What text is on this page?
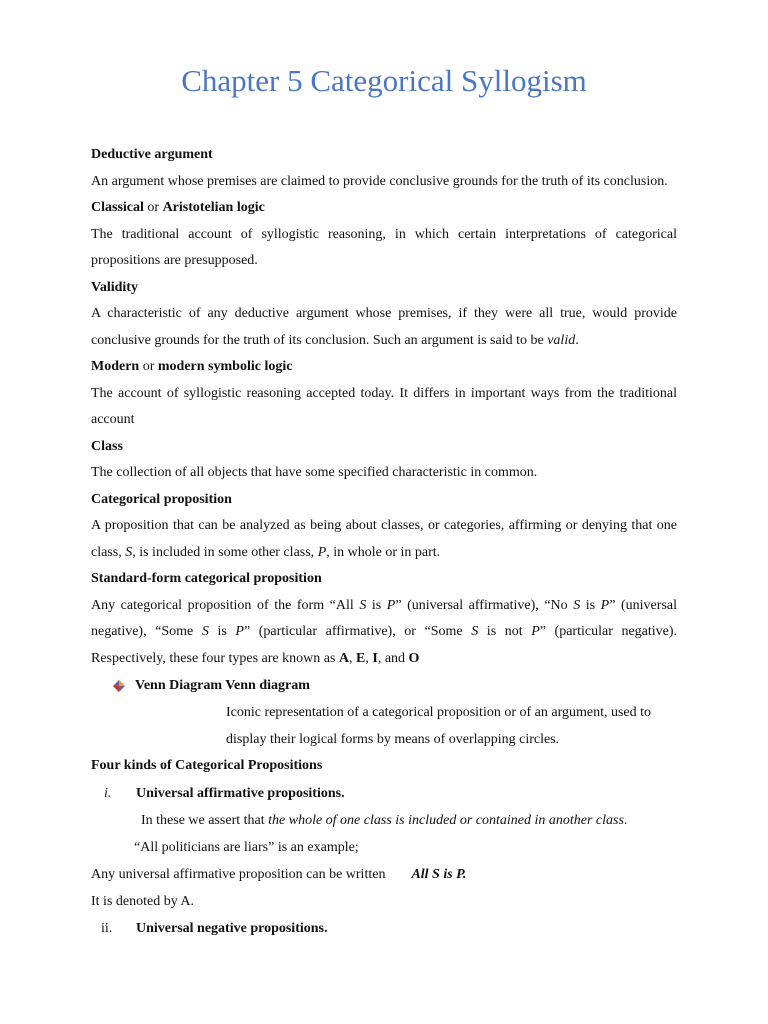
Chapter 5 Categorical Syllogism
Deductive argument
An argument whose premises are claimed to provide conclusive grounds for the truth of its conclusion.
Classical or Aristotelian logic
The traditional account of syllogistic reasoning, in which certain interpretations of categorical propositions are presupposed.
Validity
A characteristic of any deductive argument whose premises, if they were all true, would provide conclusive grounds for the truth of its conclusion. Such an argument is said to be valid.
Modern or modern symbolic logic
The account of syllogistic reasoning accepted today. It differs in important ways from the traditional account
Class
The collection of all objects that have some specified characteristic in common.
Categorical proposition
A proposition that can be analyzed as being about classes, or categories, affirming or denying that one class, S, is included in some other class, P, in whole or in part.
Standard-form categorical proposition
Any categorical proposition of the form “All S is P” (universal affirmative), “No S is P” (universal negative), “Some S is P” (particular affirmative), or “Some S is not P” (particular negative). Respectively, these four types are known as A, E, I, and O
Venn Diagram Venn diagram
Iconic representation of a categorical proposition or of an argument, used to display their logical forms by means of overlapping circles.
Four kinds of Categorical Propositions
i. Universal affirmative propositions.
In these we assert that the whole of one class is included or contained in another class.
“All politicians are liars” is an example;
Any universal affirmative proposition can be written All S is P.
It is denoted by A.
ii. Universal negative propositions.
